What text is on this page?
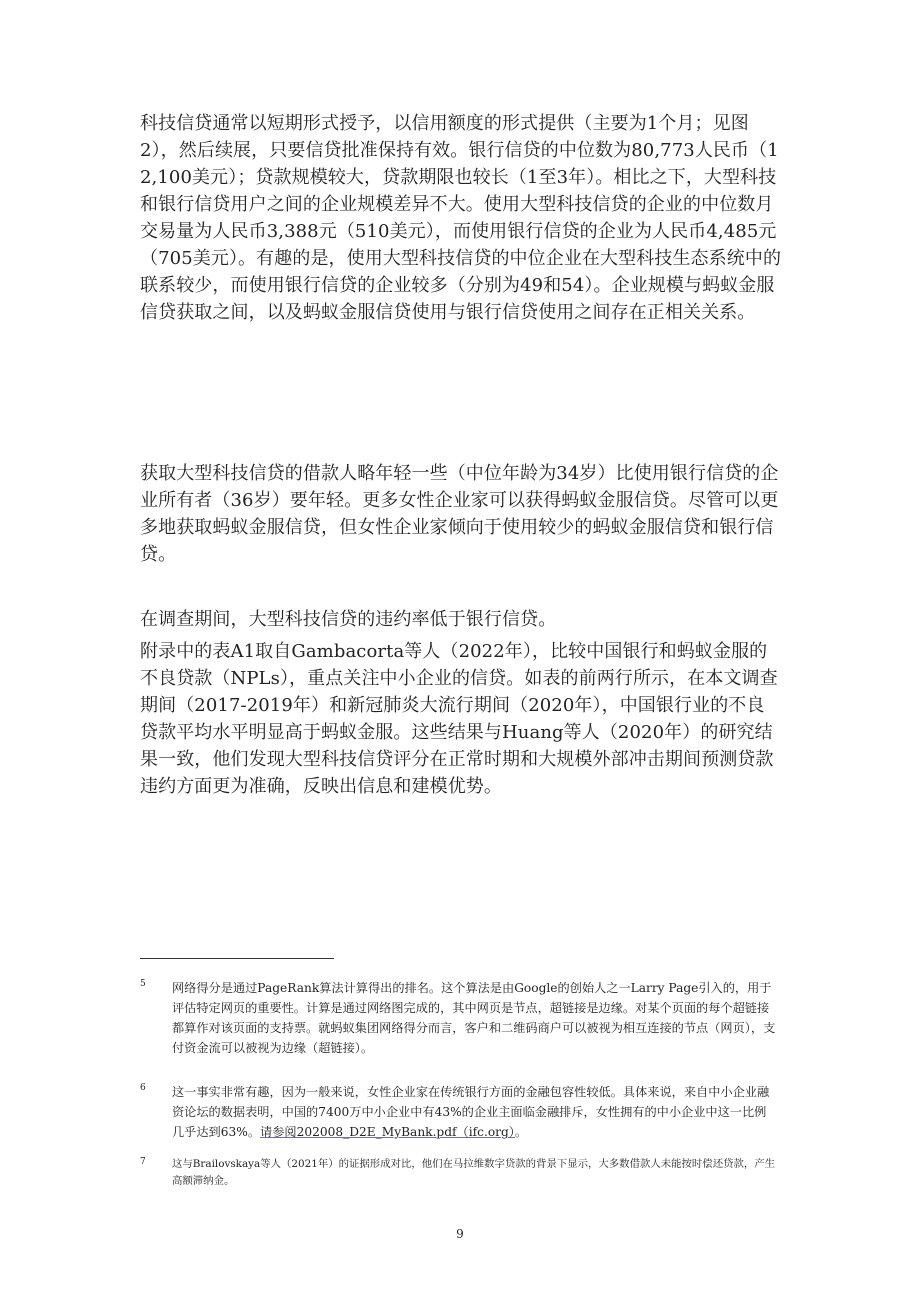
科技信贷通常以短期形式授予，以信用额度的形式提供（主要为1个月；见图2），然后续展，只要信贷批准保持有效。银行信贷的中位数为80,773人民币（12,100美元）；贷款规模较大，贷款期限也较长（1至3年）。相比之下，大型科技和银行信贷用户之间的企业规模差异不大。使用大型科技信贷的企业的中位数月交易量为人民币3,388元（510美元），而使用银行信贷的企业为人民币4,485元（705美元）。有趣的是，使用大型科技信贷的中位企业在大型科技生态系统中的联系较少，而使用银行信贷的企业较多（分别为49和54）。企业规模与蚂蚁金服信贷获取之间，以及蚂蚁金服信贷使用与银行信贷使用之间存在正相关关系。

获取大型科技信贷的借款人略年轻一些（中位年龄为34岁）比使用银行信贷的企业所有者（36岁）要年轻。更多女性企业家可以获得蚂蚁金服信贷。尽管可以更多地获取蚂蚁金服信贷，但女性企业家倾向于使用较少的蚂蚁金服信贷和银行信贷。

在调查期间，大型科技信贷的违约率低于银行信贷。

附录中的表A1取自Gambacorta等人（2022年），比较中国银行和蚂蚁金服的不良贷款（NPLs），重点关注中小企业的信贷。如表的前两行所示，在本文调查期间（2017-2019年）和新冠肺炎大流行期间（2020年），中国银行业的不良贷款平均水平明显高于蚂蚁金服。这些结果与Huang等人（2020年）的研究结果一致，他们发现大型科技信贷评分在正常时期和大规模外部冲击期间预测贷款违约方面更为准确，反映出信息和建模优势。

5 网络得分是通过PageRank算法计算得出的排名。这个算法是由Google的创始人之一Larry Page引入的，用于评估特定网页的重要性。计算是通过网络图完成的，其中网页是节点，超链接是边缘。对某个页面的每个超链接都算作对该页面的支持票。就蚂蚁集团网络得分而言，客户和二维码商户可以被视为相互连接的节点（网页），支付资金流可以被视为边缘（超链接）。

6 这一事实非常有趣，因为一般来说，女性企业家在传统银行方面的金融包容性较低。具体来说，来自中小企业融资论坛的数据表明，中国的7400万中小企业中有43%的企业主面临金融排斥，女性拥有的中小企业中这一比例几乎达到63%。请参阅202008_D2E_MyBank.pdf（ifc.org）。

7	这与Brailovskaya等人（2021年）的证据形成对比，他们在马拉维数字贷款的背景下显示，大多数借款人未能按时偿还贷款，产生高额滞纳金。

9
